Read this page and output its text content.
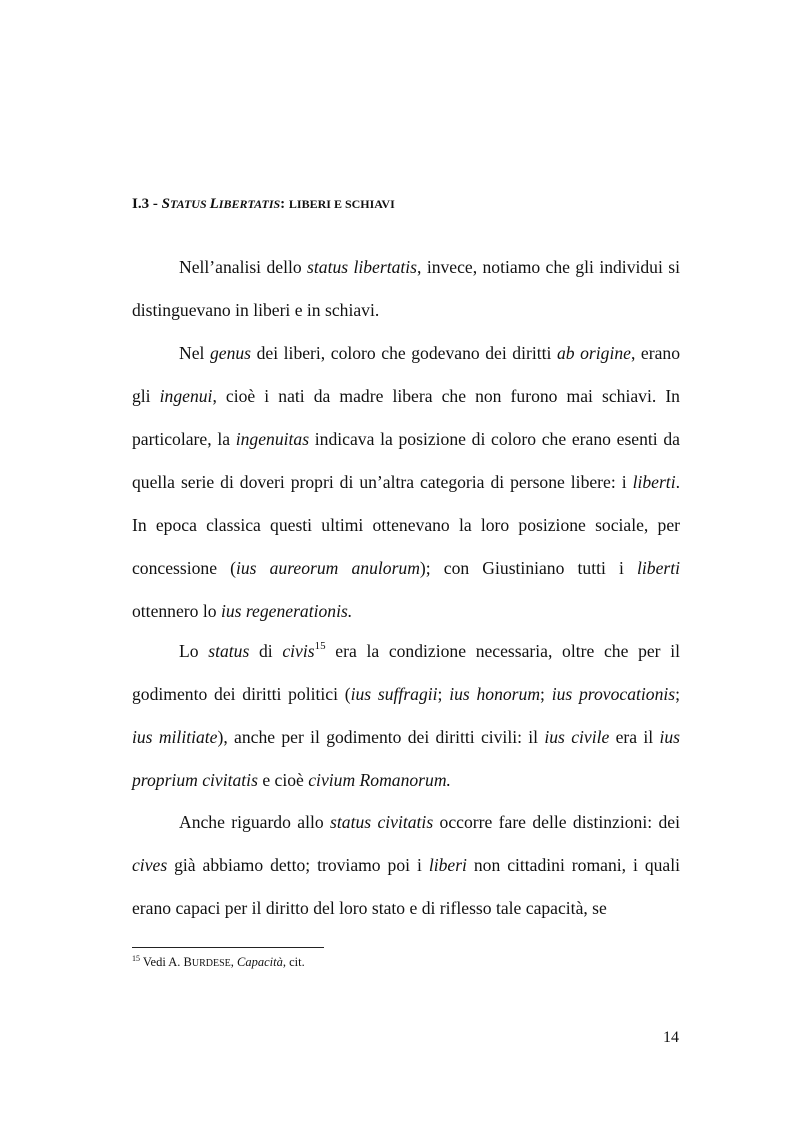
I.3 - STATUS LIBERTATIS: LIBERI E SCHIAVI

Nell’analisi dello status libertatis, invece, notiamo che gli individui si distinguevano in liberi e in schiavi.

Nel genus dei liberi, coloro che godevano dei diritti ab origine, erano gli ingenui, cioè i nati da madre libera che non furono mai schiavi. In particolare, la ingenuitas indicava la posizione di coloro che erano esenti da quella serie di doveri propri di un’altra categoria di persone libere: i liberti. In epoca classica questi ultimi ottenevano la loro posizione sociale, per concessione (ius aureorum anulorum); con Giustiniano tutti i liberti ottennero lo ius regenerationis.

Lo status di civis$^{15}$ era la condizione necessaria, oltre che per il godimento dei diritti politici (ius suffragii; ius honorum; ius provocationis; ius militiate), anche per il godimento dei diritti civili: il ius civile era il ius proprium civitatis e cioè civium Romanorum.

Anche riguardo allo status civitatis occorre fare delle distinzioni: dei cives già abbiamo detto; troviamo poi i liberi non cittadini romani, i quali erano capaci per il diritto del loro stato e di riflesso tale capacità, se

$^{15}$ Vedi A. BURDESE, Capacità, cit.
14
